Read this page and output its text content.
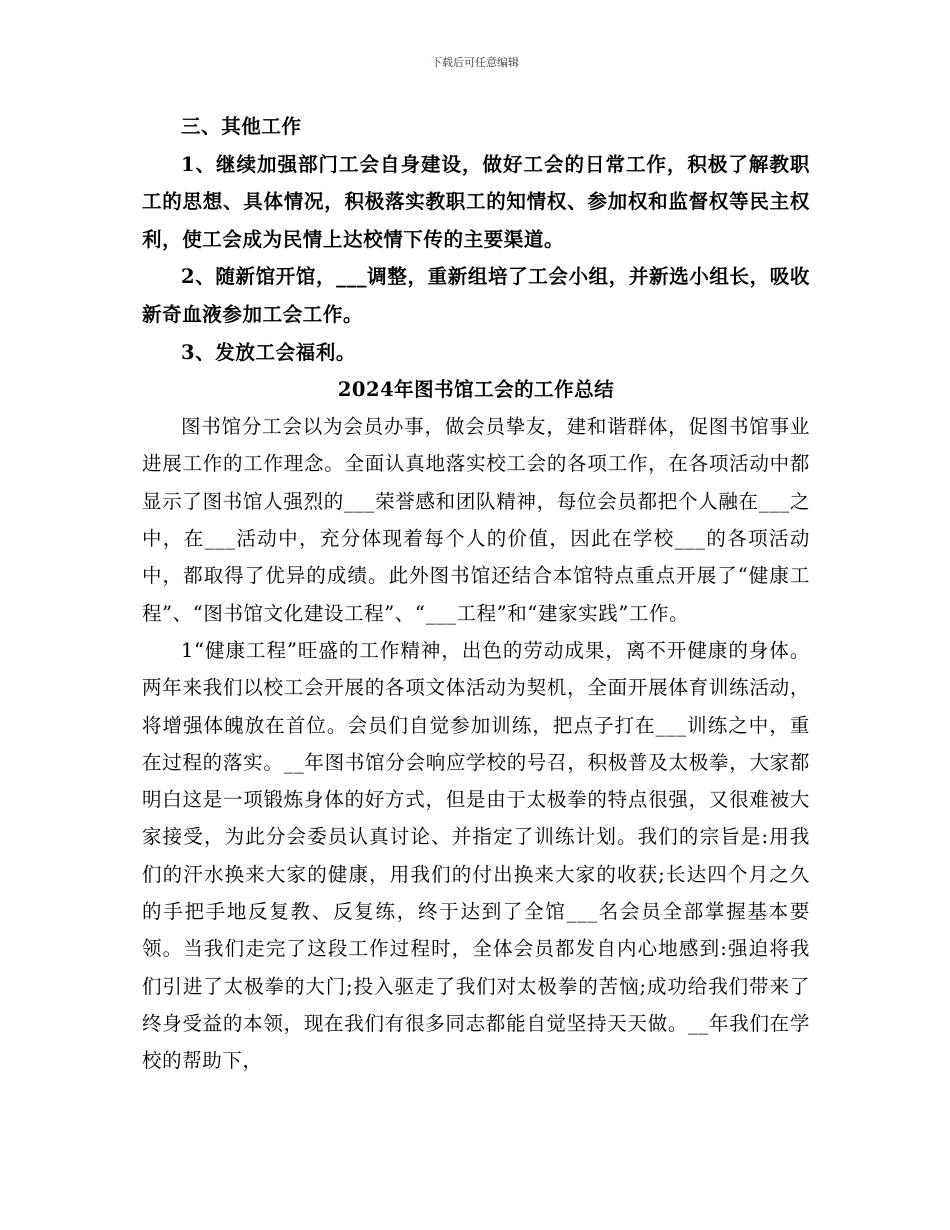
下载后可任意编辑

三、其他工作

1、继续加强部门工会自身建设，做好工会的日常工作，积极了解教职工的思想、具体情况，积极落实教职工的知情权、参加权和监督权等民主权利，使工会成为民情上达校情下传的主要渠道。

2、随新馆开馆，___调整，重新组培了工会小组，并新选小组长，吸收新奇血液参加工会工作。

3、发放工会福利。

2024年图书馆工会的工作总结

图书馆分工会以为会员办事，做会员挚友，建和谐群体，促图书馆事业进展工作的工作理念。全面认真地落实校工会的各项工作，在各项活动中都显示了图书馆人强烈的___荣誉感和团队精神，每位会员都把个人融在___之中，在___活动中，充分体现着每个人的价值，因此在学校___的各项活动中，都取得了优异的成绩。此外图书馆还结合本馆特点重点开展了“健康工程”、“图书馆文化建设工程”、“___工程”和“建家实践”工作。

1“健康工程”旺盛的工作精神，出色的劳动成果，离不开健康的身体。两年来我们以校工会开展的各项文体活动为契机，全面开展体育训练活动，将增强体魄放在首位。会员们自觉参加训练，把点子打在___训练之中，重在过程的落实。__年图书馆分会响应学校的号召，积极普及太极拳，大家都明白这是一项锻炼身体的好方式，但是由于太极拳的特点很强，又很难被大家接受，为此分会委员认真讨论、并指定了训练计划。我们的宗旨是:用我们的汗水换来大家的健康，用我们的付出换来大家的收获;长达四个月之久的手把手地反复教、反复练，终于达到了全馆___名会员全部掌握基本要领。当我们走完了这段工作过程时，全体会员都发自内心地感到:强迫将我们引进了太极拳的大门;投入驱走了我们对太极拳的苦恼;成功给我们带来了终身受益的本领，现在我们有很多同志都能自觉坚持天天做。__年我们在学校的帮助下，
